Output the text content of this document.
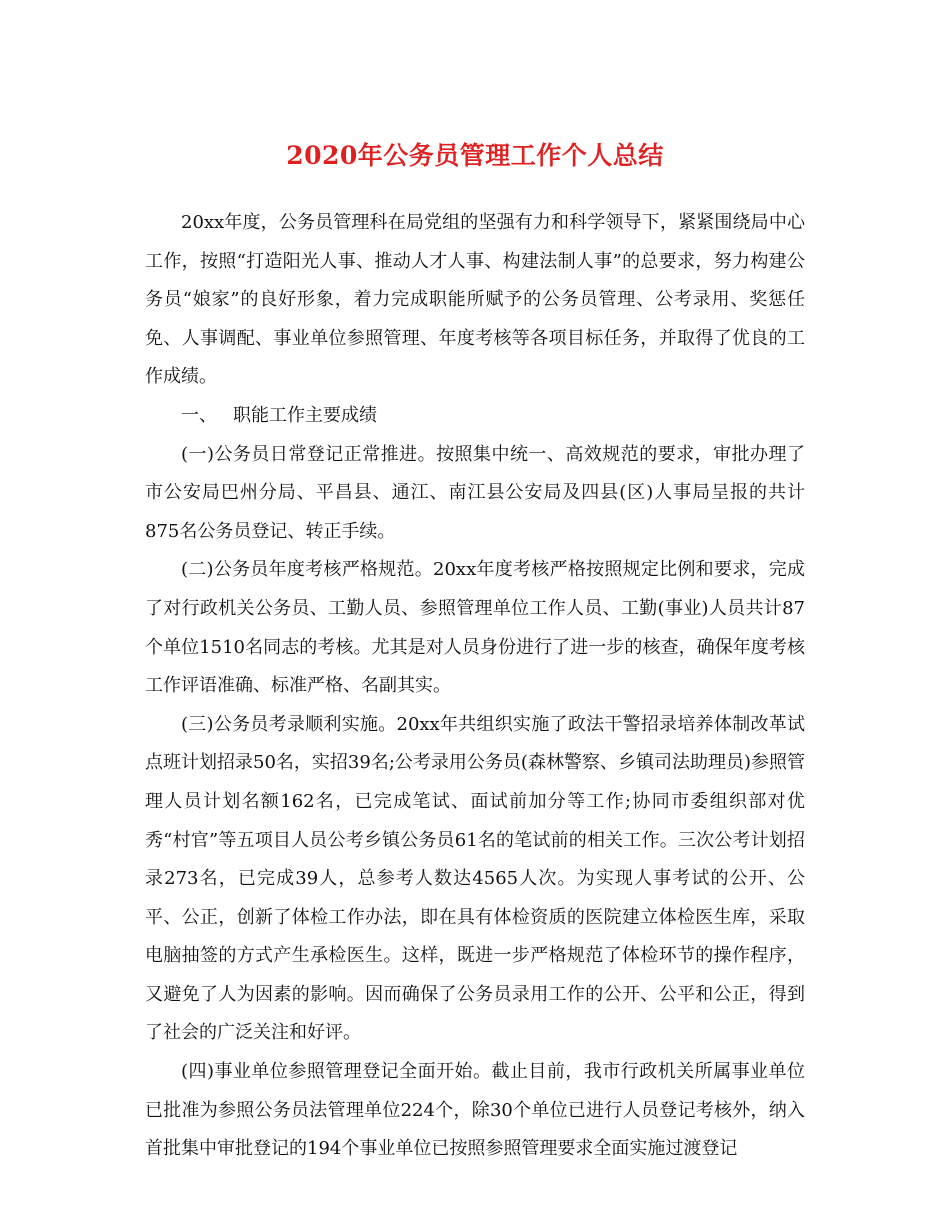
2020年公务员管理工作个人总结

20xx年度，公务员管理科在局党组的坚强有力和科学领导下，紧紧围绕局中心工作，按照“打造阳光人事、推动人才人事、构建法制人事”的总要求，努力构建公务员“娘家”的良好形象，着力完成职能所赋予的公务员管理、公考录用、奖惩任免、人事调配、事业单位参照管理、年度考核等各项目标任务，并取得了优良的工作成绩。

一、 职能工作主要成绩

(一)公务员日常登记正常推进。按照集中统一、高效规范的要求，审批办理了市公安局巴州分局、平昌县、通江、南江县公安局及四县(区)人事局呈报的共计875名公务员登记、转正手续。

(二)公务员年度考核严格规范。20xx年度考核严格按照规定比例和要求，完成了对行政机关公务员、工勤人员、参照管理单位工作人员、工勤(事业)人员共计87个单位1510名同志的考核。尤其是对人员身份进行了进一步的核查，确保年度考核工作评语准确、标准严格、名副其实。

(三)公务员考录顺利实施。20xx年共组织实施了政法干警招录培养体制改革试点班计划招录50名，实招39名;公考录用公务员(森林警察、乡镇司法助理员)参照管理人员计划名额162名，已完成笔试、面试前加分等工作;协同市委组织部对优秀“村官”等五项目人员公考乡镇公务员61名的笔试前的相关工作。三次公考计划招录273名，已完成39人，总参考人数达4565人次。为实现人事考试的公开、公平、公正，创新了体检工作办法，即在具有体检资质的医院建立体检医生库，采取电脑抽签的方式产生承检医生。这样，既进一步严格规范了体检环节的操作程序，又避免了人为因素的影响。因而确保了公务员录用工作的公开、公平和公正，得到了社会的广泛关注和好评。

(四)事业单位参照管理登记全面开始。截止目前，我市行政机关所属事业单位已批准为参照公务员法管理单位224个，除30个单位已进行人员登记考核外，纳入首批集中审批登记的194个事业单位已按照参照管理要求全面实施过渡登记
